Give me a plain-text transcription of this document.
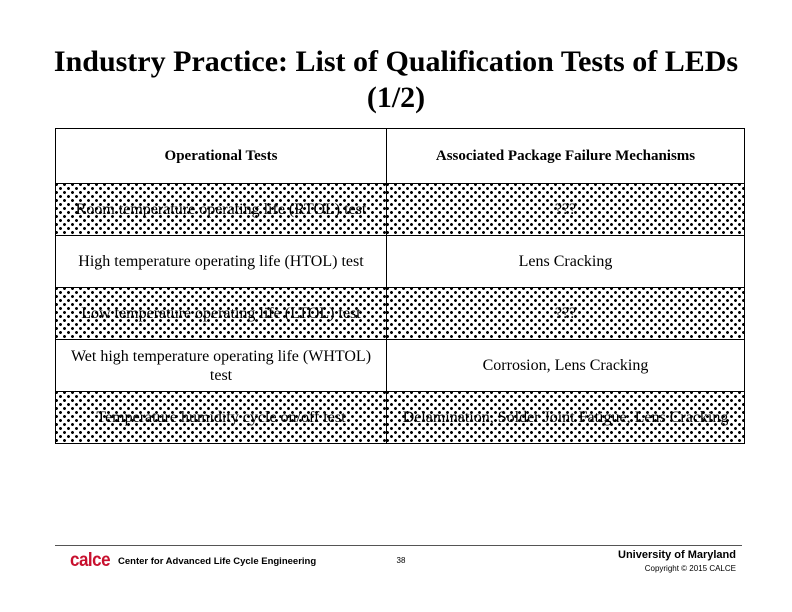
Industry Practice: List of Qualification Tests of LEDs (1/2)
Operational Tests	Associated Package Failure Mechanisms
Room temperature operating life (RTOL) test	???
High temperature operating life (HTOL) test	Lens Cracking
Low temperature operating life (LTOL) test	???
Wet high temperature operating life (WHTOL) test	Corrosion, Lens Cracking
Temperature humidity cycle on/off test	Delamination, Solder Joint Fatigue, Lens Cracking
calce Center for Advanced Life Cycle Engineering	38	University of Maryland
Copyright © 2015 CALCE
